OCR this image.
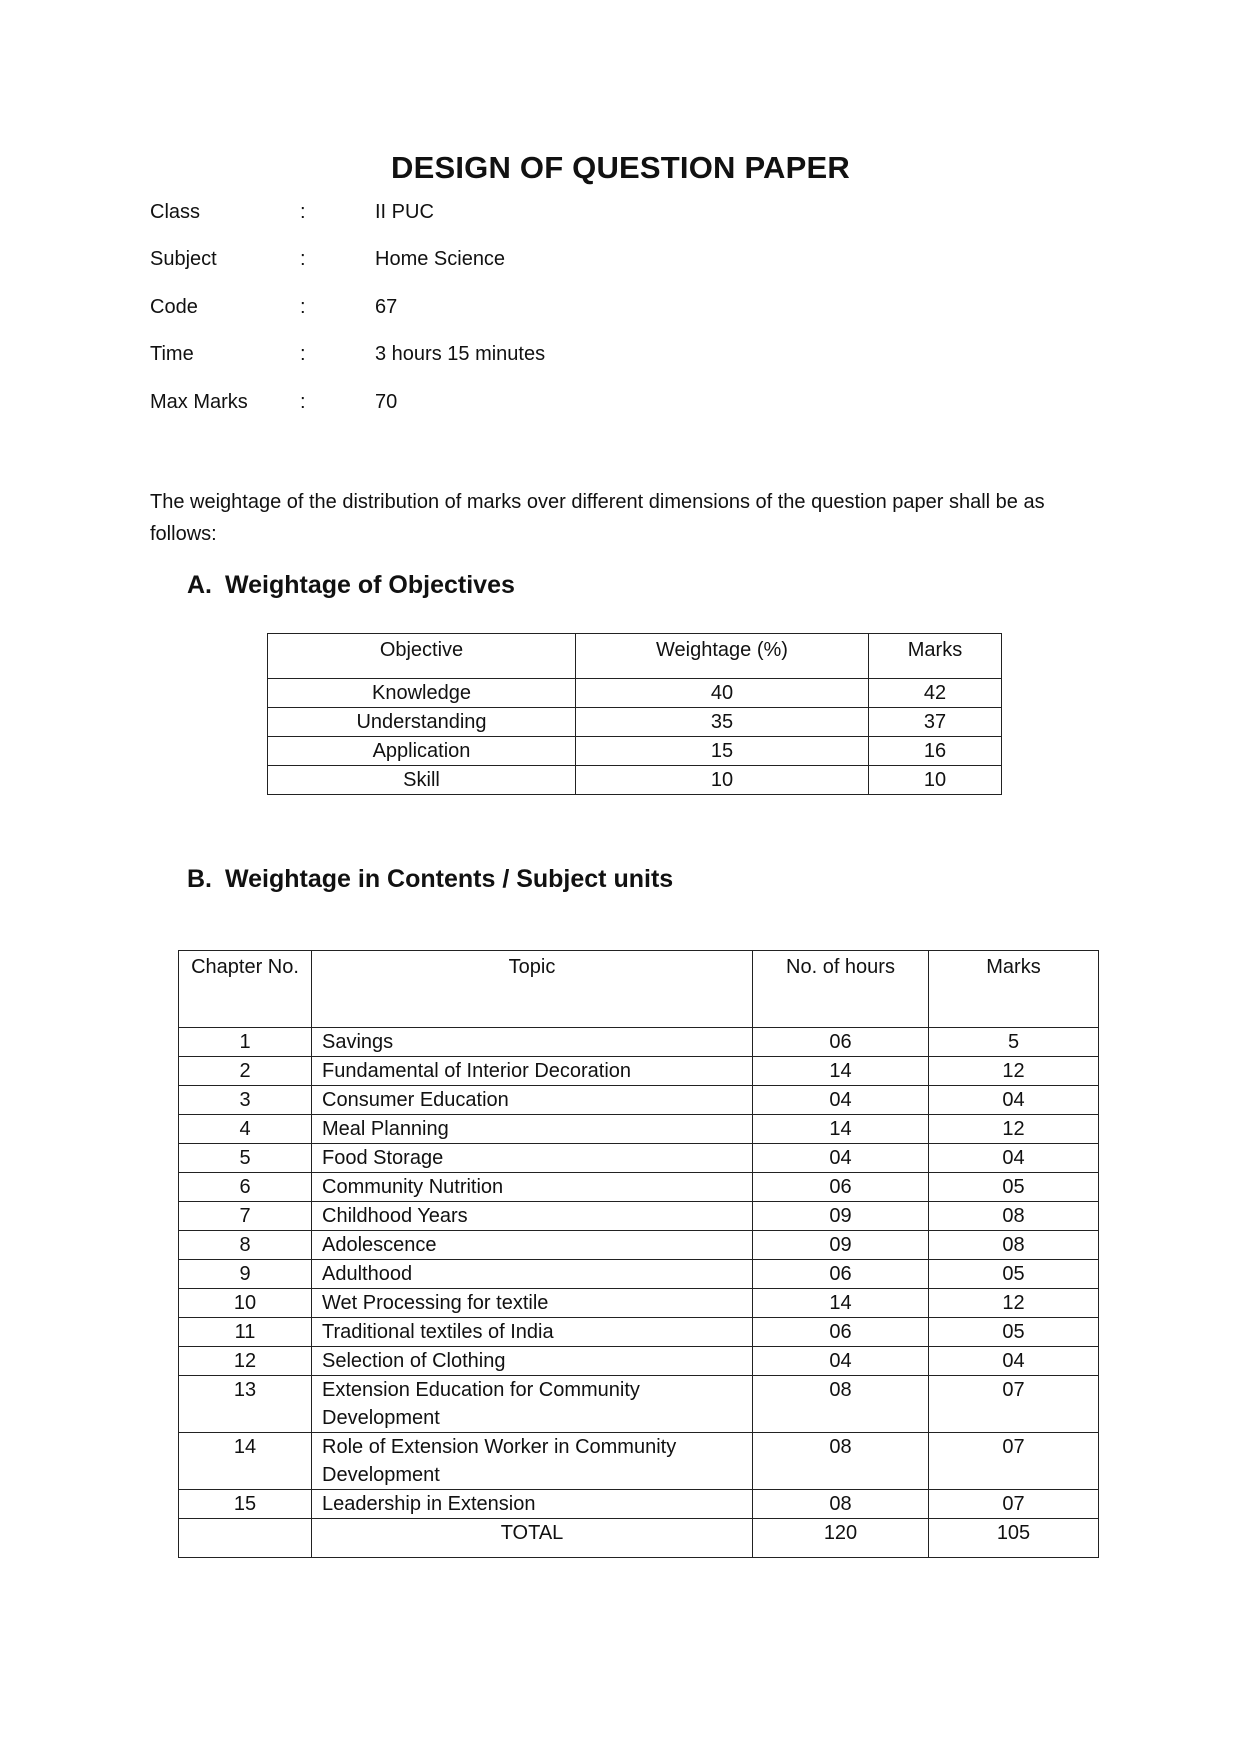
DESIGN OF QUESTION PAPER
Class	:	II PUC
Subject	:	Home Science
Code	:	67
Time	:	3 hours 15 minutes
Max Marks	:	70

The weightage of the distribution of marks over different dimensions of the question paper shall be as follows:

A. Weightage of Objectives
Objective	Weightage (%)	Marks
Knowledge	40	42
Understanding	35	37
Application	15	16
Skill	10	10
B. Weightage in Contents / Subject units
Chapter No.	Topic	No. of hours	Marks
1	Savings	06	5
2	Fundamental of Interior Decoration	14	12
3	Consumer Education	04	04
4	Meal Planning	14	12
5	Food Storage	04	04
6	Community Nutrition	06	05
7	Childhood Years	09	08
8	Adolescence	09	08
9	Adulthood	06	05
10	Wet Processing for textile	14	12
11	Traditional textiles of India	06	05
12	Selection of Clothing	04	04
13	Extension Education for Community Development	08	07
14	Role of Extension Worker in Community Development	08	07
15	Leadership in Extension	08	07
	TOTAL	120	105
